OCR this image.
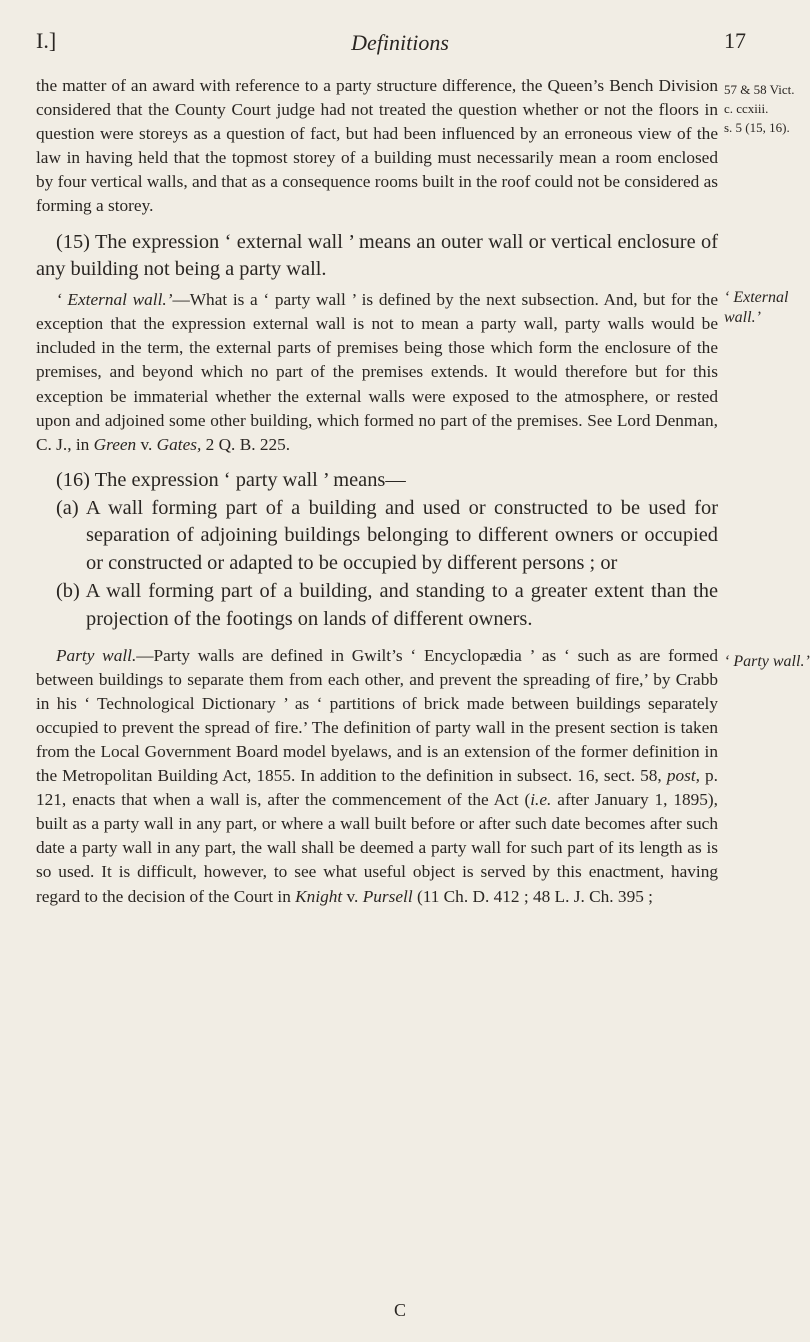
I.]	Definitions	17
57 & 58 Vict.
c. ccxiii.
s. 5 (15, 16).
‘ External
wall.’
‘ Party wall.’

the matter of an award with reference to a party structure difference, the Queen’s Bench Division considered that the County Court judge had not treated the question whether or not the floors in question were storeys as a question of fact, but had been influenced by an erroneous view of the law in having held that the topmost storey of a building must necessarily mean a room enclosed by four vertical walls, and that as a consequence rooms built in the roof could not be considered as forming a storey.

(15) The expression ‘ external wall ’ means an outer wall or vertical enclosure of any building not being a party wall.

‘ External wall.’—What is a ‘ party wall ’ is defined by the next subsection. And, but for the exception that the expression external wall is not to mean a party wall, party walls would be included in the term, the external parts of premises being those which form the enclosure of the premises, and beyond which no part of the premises extends. It would therefore but for this exception be immaterial whether the external walls were exposed to the atmosphere, or rested upon and adjoined some other building, which formed no part of the premises. See Lord Denman, C. J., in Green v. Gates, 2 Q. B. 225.

(16) The expression ‘ party wall ’ means—

(a) A wall forming part of a building and used or constructed to be used for separation of adjoining buildings belonging to different owners or occupied or constructed or adapted to be occupied by different persons ; or

(b) A wall forming part of a building, and standing to a greater extent than the projection of the footings on lands of different owners.

Party wall.—Party walls are defined in Gwilt’s ‘ Encyclopædia ’ as ‘ such as are formed between buildings to separate them from each other, and prevent the spreading of fire,’ by Crabb in his ‘ Technological Dictionary ’ as ‘ partitions of brick made between buildings separately occupied to prevent the spread of fire.’ The definition of party wall in the present section is taken from the Local Government Board model byelaws, and is an extension of the former definition in the Metropolitan Building Act, 1855. In addition to the definition in subsect. 16, sect. 58, post, p. 121, enacts that when a wall is, after the commencement of the Act (i.e. after January 1, 1895), built as a party wall in any part, or where a wall built before or after such date becomes after such date a party wall in any part, the wall shall be deemed a party wall for such part of its length as is so used. It is difficult, however, to see what useful object is served by this enactment, having regard to the decision of the Court in Knight v. Pursell (11 Ch. D. 412 ; 48 L. J. Ch. 395 ;

C
